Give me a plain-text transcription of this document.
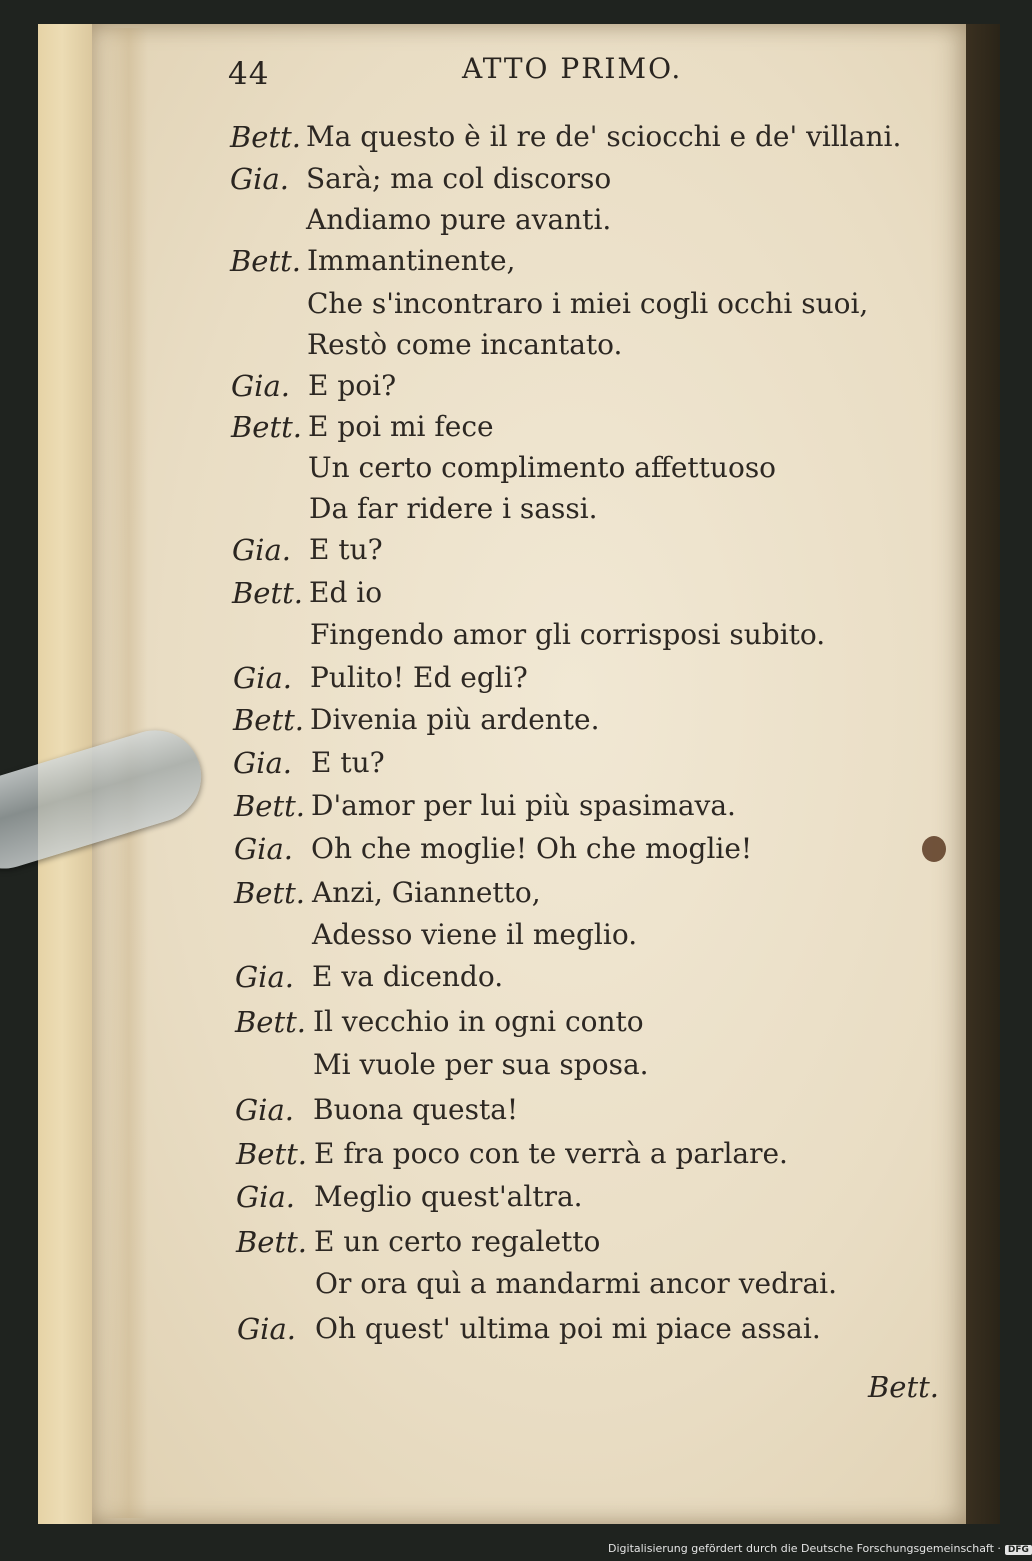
44	ATTO PRIMO.
Bett. Ma questo è il re de' sciocchi e de' villani.
Gia. Sarà; ma col discorso
Andiamo pure avanti.
Bett. Immantinente,
Che s'incontraro i miei cogli occhi suoi,
Restò come incantato.
Gia. E poi?
Bett. E poi mi fece
Un certo complimento affettuoso
Da far ridere i sassi.
Gia. E tu?
Bett. Ed io
Fingendo amor gli corrisposi subito.
Gia. Pulito! Ed egli?
Bett. Divenia più ardente.
Gia. E tu?
Bett. D'amor per lui più spasimava.
Gia. Oh che moglie! Oh che moglie!
Bett. Anzi, Giannetto,
Adesso viene il meglio.
Gia. E va dicendo.
Bett. Il vecchio in ogni conto
Mi vuole per sua sposa.
Gia. Buona questa!
Bett. E fra poco con te verrà a parlare.
Gia. Meglio quest'altra.
Bett. E un certo regaletto
Or ora quì a mandarmi ancor vedrai.
Gia. Oh quest' ultima poi mi piace assai.
Bett.
Digitalisierung gefördert durch die Deutsche Forschungsgemeinschaft · DFG
